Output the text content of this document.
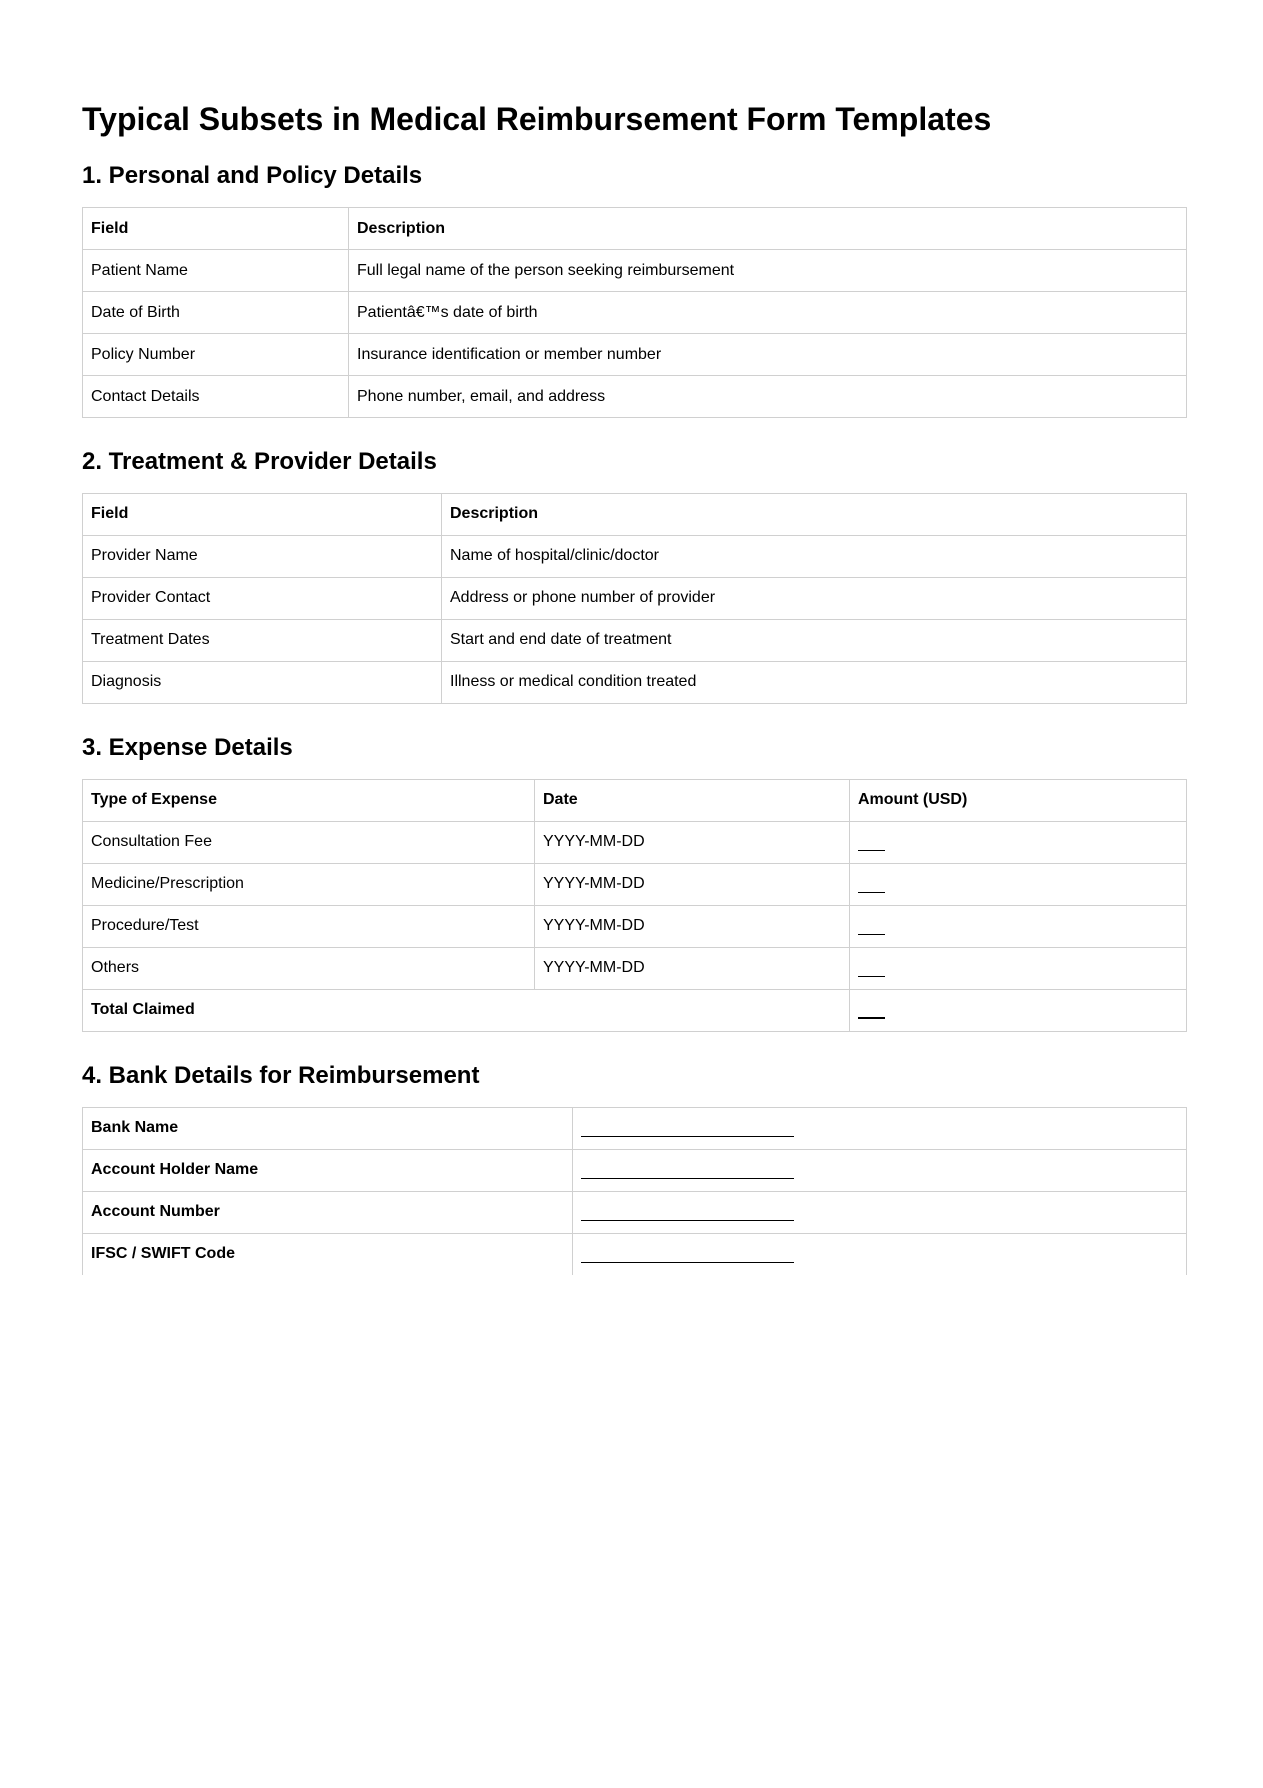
Typical Subsets in Medical Reimbursement Form Templates
1. Personal and Policy Details
Field	Description
Patient Name	Full legal name of the person seeking reimbursement
Date of Birth	Patientâ€™s date of birth
Policy Number	Insurance identification or member number
Contact Details	Phone number, email, and address
2. Treatment & Provider Details
Field	Description
Provider Name	Name of hospital/clinic/doctor
Provider Contact	Address or phone number of provider
Treatment Dates	Start and end date of treatment
Diagnosis	Illness or medical condition treated
3. Expense Details
Type of Expense	Date	Amount (USD)
Consultation Fee	YYYY-MM-DD	
Medicine/Prescription	YYYY-MM-DD	
Procedure/Test	YYYY-MM-DD	
Others	YYYY-MM-DD	
Total Claimed		
4. Bank Details for Reimbursement
Bank Name	
Account Holder Name	
Account Number	
IFSC / SWIFT Code	
